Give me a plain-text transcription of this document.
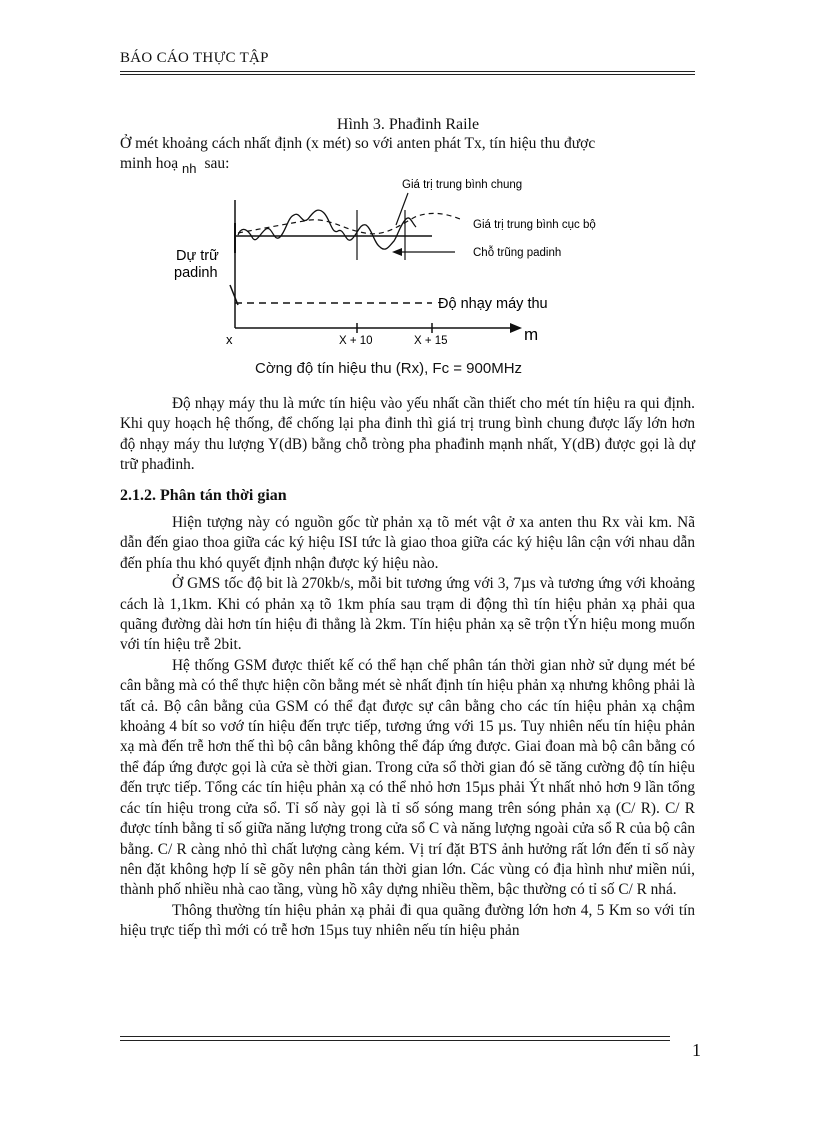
BÁO CÁO THỰC TẬP
Hình 3. Phađinh Raile
Ở mét khoảng cách nhất định (x mét) so với anten phát Tx, tín hiệu thu được
minh hoạ $_{nh}$ sau:
Giá trị trung bình chung
Giá trị trung bình cục bộ
Chỗ trũng padinh
Dự trữ
padinh
Độ nhạy máy thu
m
x	X + 10	X + 15
Cờng độ tín hiệu thu (Rx), Fc = 900MHz

Độ nhạy máy thu là mức tín hiệu vào yếu nhất cần thiết cho mét tín hiệu ra qui định. Khi quy hoạch hệ thống, để chống lại pha đinh thì giá trị trung bình chung được lấy lớn hơn độ nhạy máy thu lượng Y(dB) bằng chỗ tròng pha phađinh mạnh nhất, Y(dB) được gọi là dự trữ phađinh.

2.1.2. Phân tán thời gian

Hiện tượng này có nguồn gốc từ phản xạ tõ mét vật ở xa anten thu Rx vài km. Nã dẫn đến giao thoa giữa các ký hiệu ISI tức là giao thoa giữa các ký hiệu lân cận với nhau dẫn đến phía thu khó quyết định nhận được ký hiệu nào.

Ở GMS tốc độ bit là 270kb/s, mỗi bit tương ứng với 3, 7µs và tương ứng với khoảng cách là 1,1km. Khi có phản xạ tõ 1km phía sau trạm di động thì tín hiệu phản xạ phải qua quãng đường dài hơn tín hiệu đi thẳng là 2km. Tín hiệu phản xạ sẽ trộn tÝn hiệu mong muốn với tín hiệu trễ 2bit.

Hệ thống GSM được thiết kế có thể hạn chế phân tán thời gian nhờ sử dụng mét bé cân bằng mà có thể thực hiện cõn bằng mét sè nhất định tín hiệu phản xạ nhưng không phải là tất cả. Bộ cân bằng của GSM có thể đạt được sự cân bằng cho các tín hiệu phản xạ chậm khoảng 4 bít so vơớ tín hiệu đến trực tiếp, tương ứng với 15 µs. Tuy nhiên nếu tín hiệu phản xạ mà đến trễ hơn thế thì bộ cân bằng không thể đáp ứng được. Giai đoan mà bộ cân bằng có thể đáp ứng được gọi là cửa sè thời gian. Trong cửa sổ thời gian đó sẽ tăng cường độ tín hiệu đến trực tiếp. Tổng các tín hiệu phản xạ có thể nhỏ hơn 15µs phải Ýt nhất nhỏ hơn 9 lần tổng các tín hiệu trong cửa sổ. Tỉ số này gọi là tỉ số sóng mang trên sóng phản xạ (C/ R). C/ R được tính bằng tỉ số giữa năng lượng trong cửa sổ C và năng lượng ngoài cửa sổ R của bộ cân bằng. C/ R càng nhỏ thì chất lượng càng kém. Vị trí đặt BTS ảnh hưởng rất lớn đến tỉ số này nên đặt không hợp lí sẽ gõy nên phân tán thời gian lớn. Các vùng có địa hình như miền núi, thành phố nhiều nhà cao tầng, vùng hồ xây dựng nhiều thềm, bậc thường có tỉ số C/ R nhá.

Thông thường tín hiệu phản xạ phải đi qua quãng đường lớn hơn 4, 5 Km so với tín hiệu trực tiếp thì mới có trễ hơn 15µs tuy nhiên nếu tín hiệu phản

1
